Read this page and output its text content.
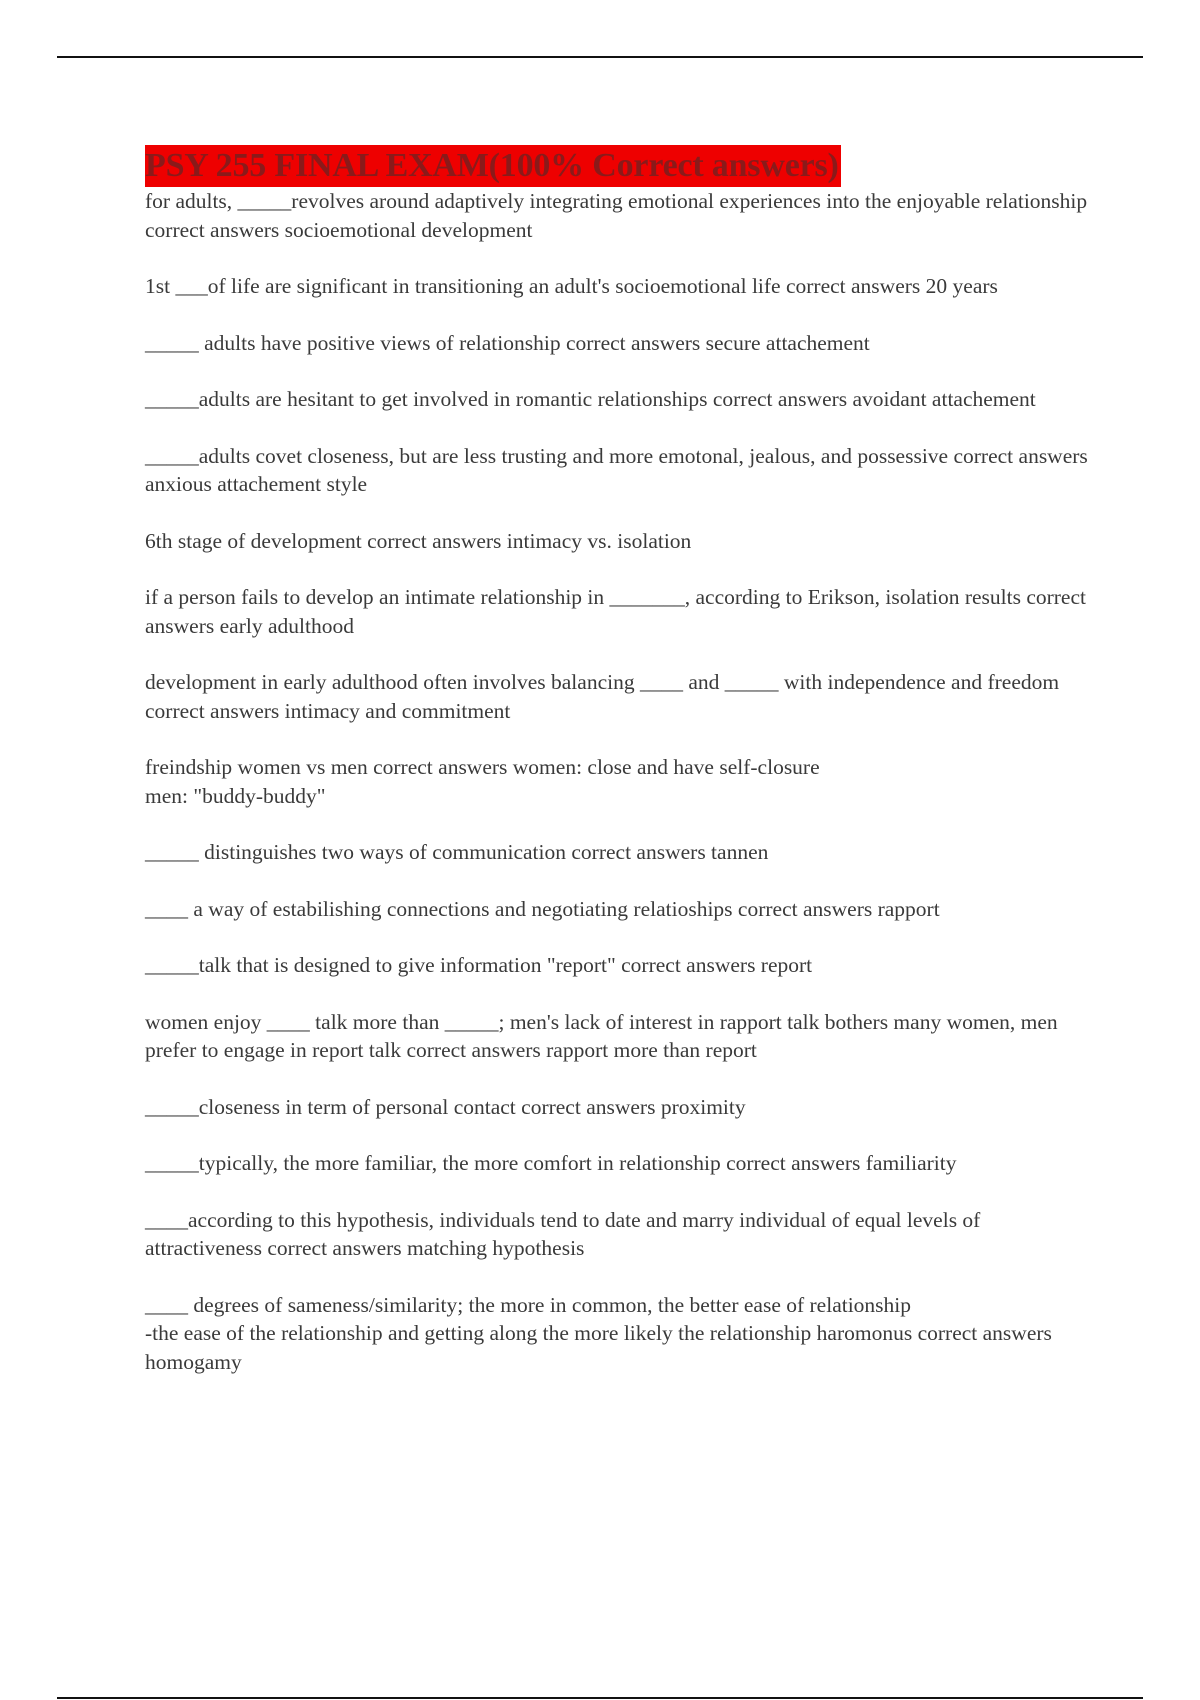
PSY 255 FINAL EXAM(100% Correct answers)

for adults, _____revolves around adaptively integrating emotional experiences into the enjoyable relationship correct answers socioemotional development

1st ___of life are significant in transitioning an adult's socioemotional life correct answers 20 years

_____ adults have positive views of relationship correct answers secure attachement

_____adults are hesitant to get involved in romantic relationships correct answers avoidant attachement

_____adults covet closeness, but are less trusting and more emotonal, jealous, and possessive correct answers anxious attachement style

6th stage of development correct answers intimacy vs. isolation

if a person fails to develop an intimate relationship in _______, according to Erikson, isolation results correct answers early adulthood

development in early adulthood often involves balancing ____ and _____ with independence and freedom correct answers intimacy and commitment

freindship women vs men correct answers women: close and have self-closure
men: "buddy-buddy"

_____ distinguishes two ways of communication correct answers tannen

____ a way of estabilishing connections and negotiating relatioships correct answers rapport

_____talk that is designed to give information "report" correct answers report

women enjoy ____ talk more than _____; men's lack of interest in rapport talk bothers many women, men prefer to engage in report talk correct answers rapport more than report

_____closeness in term of personal contact correct answers proximity

_____typically, the more familiar, the more comfort in relationship correct answers familiarity

____according to this hypothesis, individuals tend to date and marry individual of equal levels of attractiveness correct answers matching hypothesis

____ degrees of sameness/similarity; the more in common, the better ease of relationship
-the ease of the relationship and getting along the more likely the relationship haromonus correct answers homogamy
